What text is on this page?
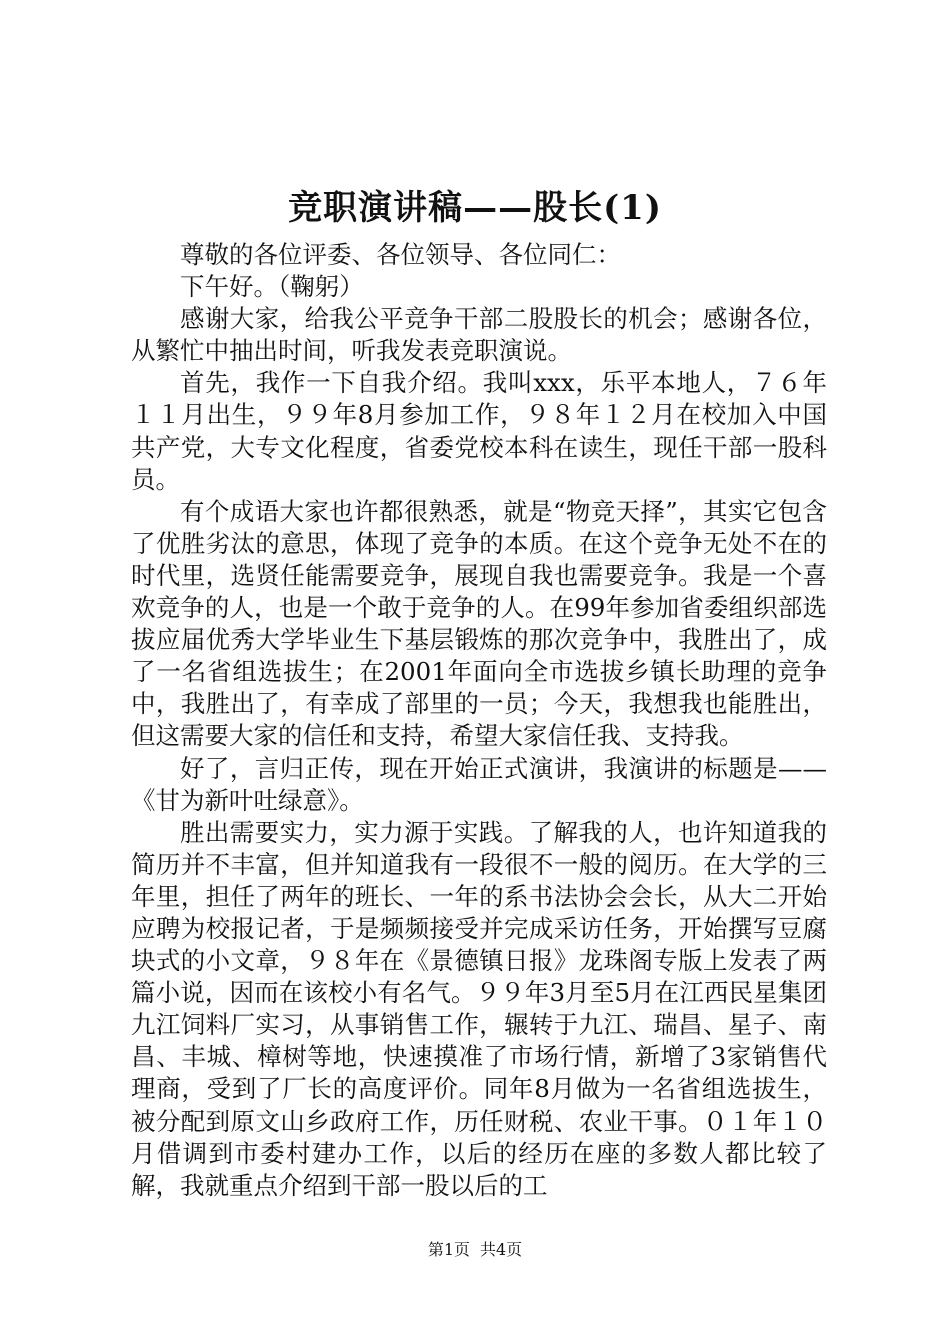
竞职演讲稿——股长(1)

尊敬的各位评委、各位领导、各位同仁：

下午好。（鞠躬）

感谢大家，给我公平竞争干部二股股长的机会；感谢各位，从繁忙中抽出时间，听我发表竞职演说。

首先，我作一下自我介绍。我叫xxx，乐平本地人，７６年１１月出生，９９年8月参加工作，９８年１２月在校加入中国共产党，大专文化程度，省委党校本科在读生，现任干部一股科员。

有个成语大家也许都很熟悉，就是“物竞天择”，其实它包含了优胜劣汰的意思，体现了竞争的本质。在这个竞争无处不在的时代里，选贤任能需要竞争，展现自我也需要竞争。我是一个喜欢竞争的人，也是一个敢于竞争的人。在99年参加省委组织部选拔应届优秀大学毕业生下基层锻炼的那次竞争中，我胜出了，成了一名省组选拔生；在2001年面向全市选拔乡镇长助理的竞争中，我胜出了，有幸成了部里的一员；今天，我想我也能胜出，但这需要大家的信任和支持，希望大家信任我、支持我。

好了，言归正传，现在开始正式演讲，我演讲的标题是——《甘为新叶吐绿意》。

胜出需要实力，实力源于实践。了解我的人，也许知道我的简历并不丰富，但并知道我有一段很不一般的阅历。在大学的三年里，担任了两年的班长、一年的系书法协会会长，从大二开始应聘为校报记者，于是频频接受并完成采访任务，开始撰写豆腐块式的小文章，９８年在《景德镇日报》龙珠阁专版上发表了两篇小说，因而在该校小有名气。９９年3月至5月在江西民星集团九江饲料厂实习，从事销售工作，辗转于九江、瑞昌、星子、南昌、丰城、樟树等地，快速摸准了市场行情，新增了3家销售代理商，受到了厂长的高度评价。同年8月做为一名省组选拔生，被分配到原文山乡政府工作，历任财税、农业干事。０１年１０月借调到市委村建办工作，以后的经历在座的多数人都比较了解，我就重点介绍到干部一股以后的工

第1页 共4页
